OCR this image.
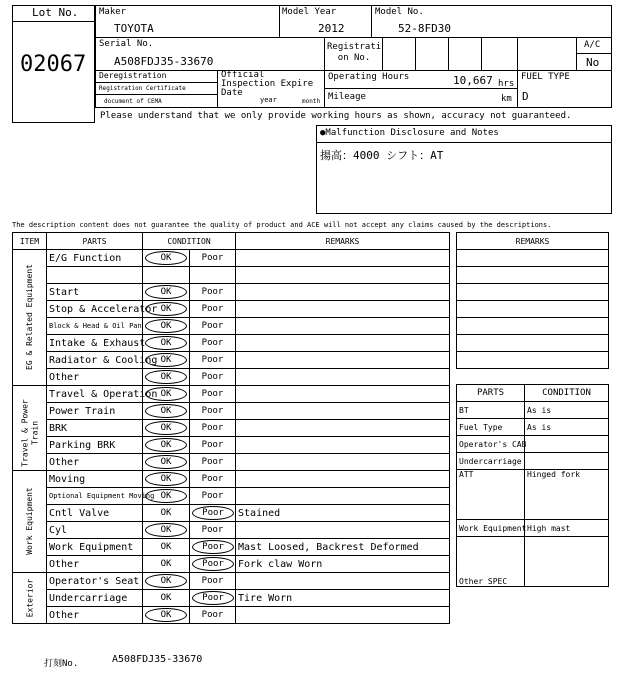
Lot No.
02067
Maker
TOYOTA
Model Year
2012
Model No.
52-8FD30
Serial No.
A508FDJ35-33670
Registrati on No.
A/C
No
Deregistration
Registration Certificate
document of CEMA
Official Inspection Expire Date
year	month
Operating Hours	10,667 hrs
Mileage	km
FUEL TYPE
D
Please understand that we only provide working hours as shown, accuracy not guaranteed.
●Malfunction Disclosure and Notes
揚高：4000 シフト：AT
The description content does not guarantee the quality of product and ACE will not accept any claims caused by the descriptions.
ITEM	PARTS	CONDITION		REMARKS

EG & Related Equipment	E/G Function	OK	Poor	

	Start	OK	Poor	
	Stop & Accelerator	OK	Poor	
	Block & Head & Oil Pan	OK	Poor	
	Intake & Exhaust	OK	Poor	
	Radiator & Cooling	OK	Poor	
	Other	OK	Poor	

Travel & Power Train	Travel & Operation	OK	Poor	
	Power Train	OK	Poor	
	BRK	OK	Poor	
	Parking BRK	OK	Poor	
	Other	OK	Poor	

Work Equipment	Moving	OK	Poor	
	Optional Equipment Moving	OK	Poor	
	Cntl Valve	OK	Poor	Stained
	Cyl	OK	Poor	
	Work Equipment	OK	Poor	Mast Loosed, Backrest Deformed
	Other	OK	Poor	Fork claw Worn

Exterior	Operator's Seat	OK	Poor	
	Undercarriage	OK	Poor	Tire Worn
	Other	OK	Poor	
REMARKS

PARTS	CONDITION
BT	As is
Fuel Type	As is
Operator's CAB	
Undercarriage	
ATT	Hinged fork
Work Equipment	High mast
Other SPEC	
打刻No.	A508FDJ35-33670
